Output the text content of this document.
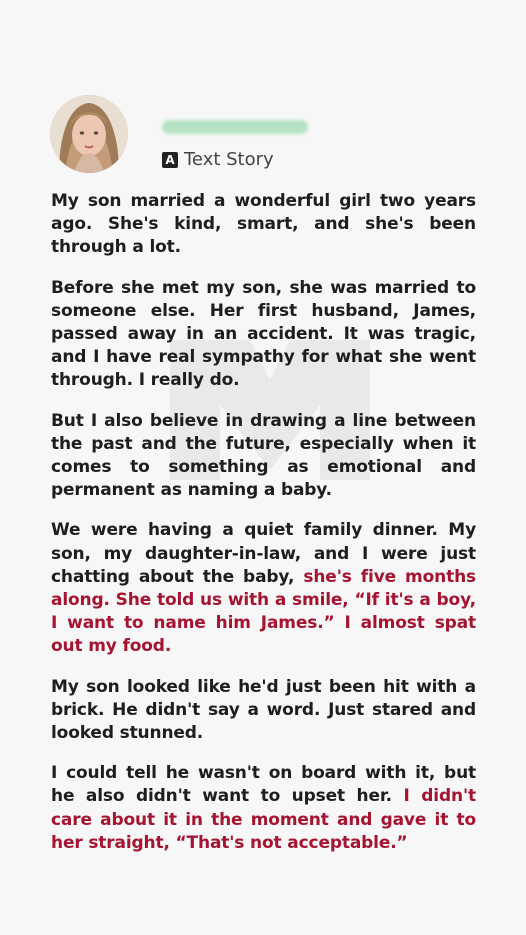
A Text Story

My son married a wonderful girl two years ago. She's kind, smart, and she's been through a lot.

Before she met my son, she was married to someone else. Her first husband, James, passed away in an accident. It was tragic, and I have real sympathy for what she went through. I really do.

But I also believe in drawing a line between the past and the future, especially when it comes to something as emotional and permanent as naming a baby.

We were having a quiet family dinner. My son, my daughter-in-law, and I were just chatting about the baby, she's five months along. She told us with a smile, “If it's a boy, I want to name him James.” I almost spat out my food.

My son looked like he'd just been hit with a brick. He didn't say a word. Just stared and looked stunned.

I could tell he wasn't on board with it, but he also didn't want to upset her. I didn't care about it in the moment and gave it to her straight, “That's not acceptable.”
